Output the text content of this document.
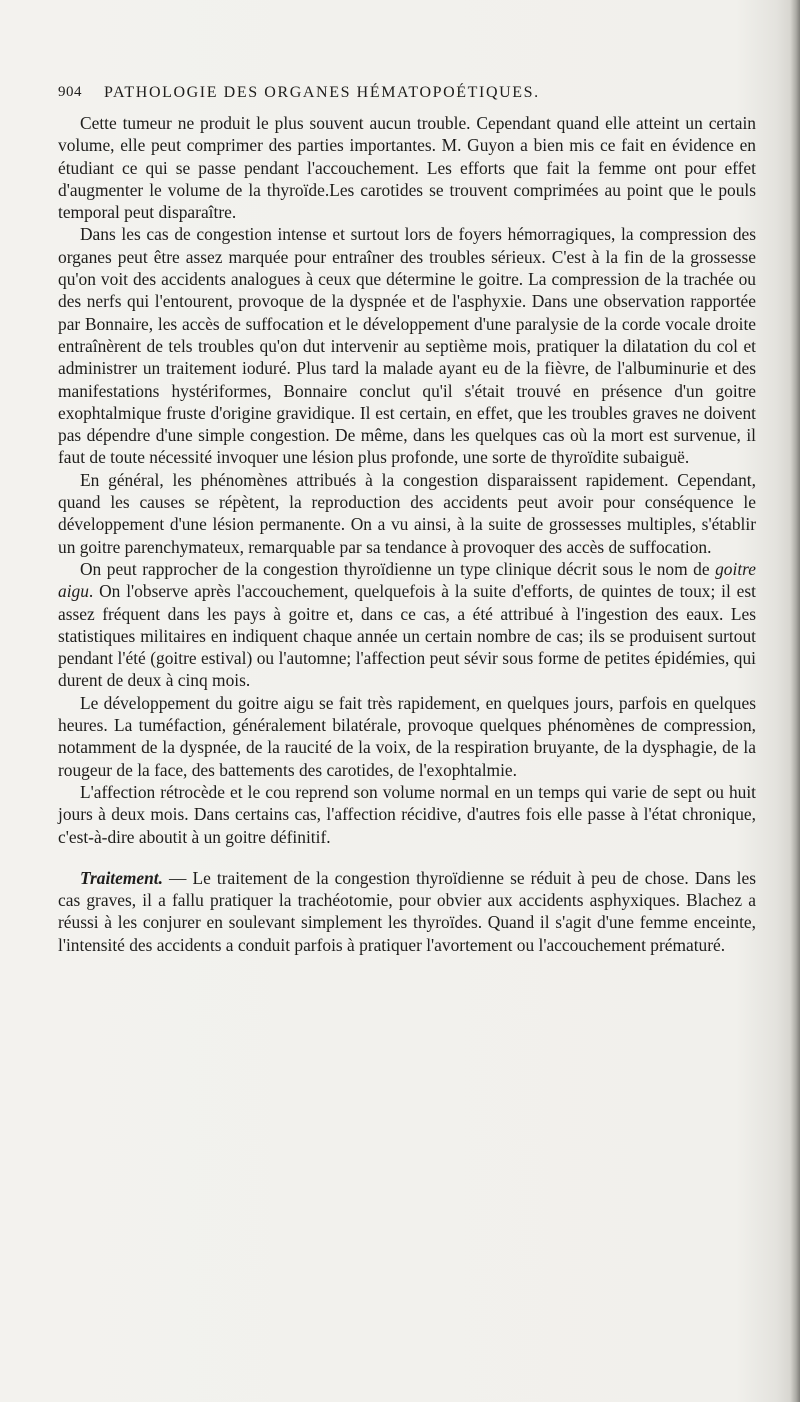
904 PATHOLOGIE DES ORGANES HÉMATOPOÉTIQUES.

Cette tumeur ne produit le plus souvent aucun trouble. Cependant quand elle atteint un certain volume, elle peut comprimer des parties importantes. M. Guyon a bien mis ce fait en évidence en étudiant ce qui se passe pendant l'accouchement. Les efforts que fait la femme ont pour effet d'augmenter le volume de la thyroïde.Les carotides se trouvent comprimées au point que le pouls temporal peut disparaître.

Dans les cas de congestion intense et surtout lors de foyers hémorragiques, la compression des organes peut être assez marquée pour entraîner des troubles sérieux. C'est à la fin de la grossesse qu'on voit des accidents analogues à ceux que détermine le goitre. La compression de la trachée ou des nerfs qui l'entourent, provoque de la dyspnée et de l'asphyxie. Dans une observation rapportée par Bonnaire, les accès de suffocation et le développement d'une paralysie de la corde vocale droite entraînèrent de tels troubles qu'on dut intervenir au septième mois, pratiquer la dilatation du col et administrer un traitement ioduré. Plus tard la malade ayant eu de la fièvre, de l'albuminurie et des manifestations hystériformes, Bonnaire conclut qu'il s'était trouvé en présence d'un goitre exophtalmique fruste d'origine gravidique. Il est certain, en effet, que les troubles graves ne doivent pas dépendre d'une simple congestion. De même, dans les quelques cas où la mort est survenue, il faut de toute nécessité invoquer une lésion plus profonde, une sorte de thyroïdite subaiguë.

En général, les phénomènes attribués à la congestion disparaissent rapidement. Cependant, quand les causes se répètent, la reproduction des accidents peut avoir pour conséquence le développement d'une lésion permanente. On a vu ainsi, à la suite de grossesses multiples, s'établir un goitre parenchymateux, remarquable par sa tendance à provoquer des accès de suffocation.

On peut rapprocher de la congestion thyroïdienne un type clinique décrit sous le nom de goitre aigu. On l'observe après l'accouchement, quelquefois à la suite d'efforts, de quintes de toux; il est assez fréquent dans les pays à goitre et, dans ce cas, a été attribué à l'ingestion des eaux. Les statistiques militaires en indiquent chaque année un certain nombre de cas; ils se produisent surtout pendant l'été (goitre estival) ou l'automne; l'affection peut sévir sous forme de petites épidémies, qui durent de deux à cinq mois.

Le développement du goitre aigu se fait très rapidement, en quelques jours, parfois en quelques heures. La tuméfaction, généralement bilatérale, provoque quelques phénomènes de compression, notamment de la dyspnée, de la raucité de la voix, de la respiration bruyante, de la dysphagie, de la rougeur de la face, des battements des carotides, de l'exophtalmie.

L'affection rétrocède et le cou reprend son volume normal en un temps qui varie de sept ou huit jours à deux mois. Dans certains cas, l'affection récidive, d'autres fois elle passe à l'état chronique, c'est-à-dire aboutit à un goitre définitif.

Traitement. — Le traitement de la congestion thyroïdienne se réduit à peu de chose. Dans les cas graves, il a fallu pratiquer la trachéotomie, pour obvier aux accidents asphyxiques. Blachez a réussi à les conjurer en soulevant simplement les thyroïdes. Quand il s'agit d'une femme enceinte, l'intensité des accidents a conduit parfois à pratiquer l'avortement ou l'accouchement prématuré.
